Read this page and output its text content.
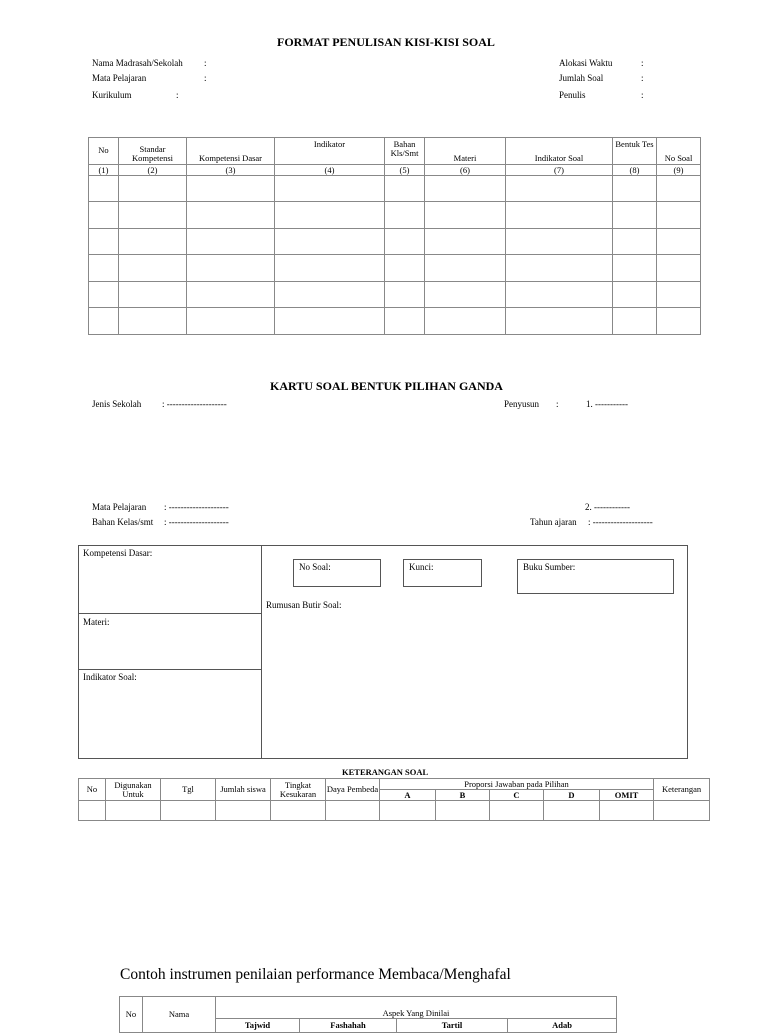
FORMAT PENULISAN KISI-KISI SOAL
Nama Madrasah/Sekolah :
Mata Pelajaran	:
Kurikulum	:
Alokasi Waktu	:
Jumlah Soal	:
Penulis	:
No	Standar Kompetensi	Kompetensi Dasar	Indikator	Bahan Kls/Smt	Materi	Indikator Soal	Bentuk Tes	No Soal
(1)	(2)	(3)	(4)	(5)	(6)	(7)	(8)	(9)

KARTU SOAL BENTUK PILIHAN GANDA
Jenis Sekolah : --------------------	Penyusun :	1. -----------
Mata Pelajaran : --------------------	2. ------------
Bahan Kelas/smt : --------------------	Tahun ajaran : --------------------
Kompetensi Dasar:
Materi:
Indikator Soal:
No Soal:	Kunci:	Buku Sumber:
Rumusan Butir Soal:
KETERANGAN SOAL
No	Digunakan Untuk	Tgl	Jumlah siswa	Tingkat Kesukaran	Daya Pembeda	Proporsi Jawaban pada Pilihan					Keterangan
						A	B	C	D	OMIT	

Contoh instrumen penilaian performance Membaca/Menghafal
No	Nama	Aspek Yang Dinilai			
		Tajwid	Fashahah	Tartil	Adab
